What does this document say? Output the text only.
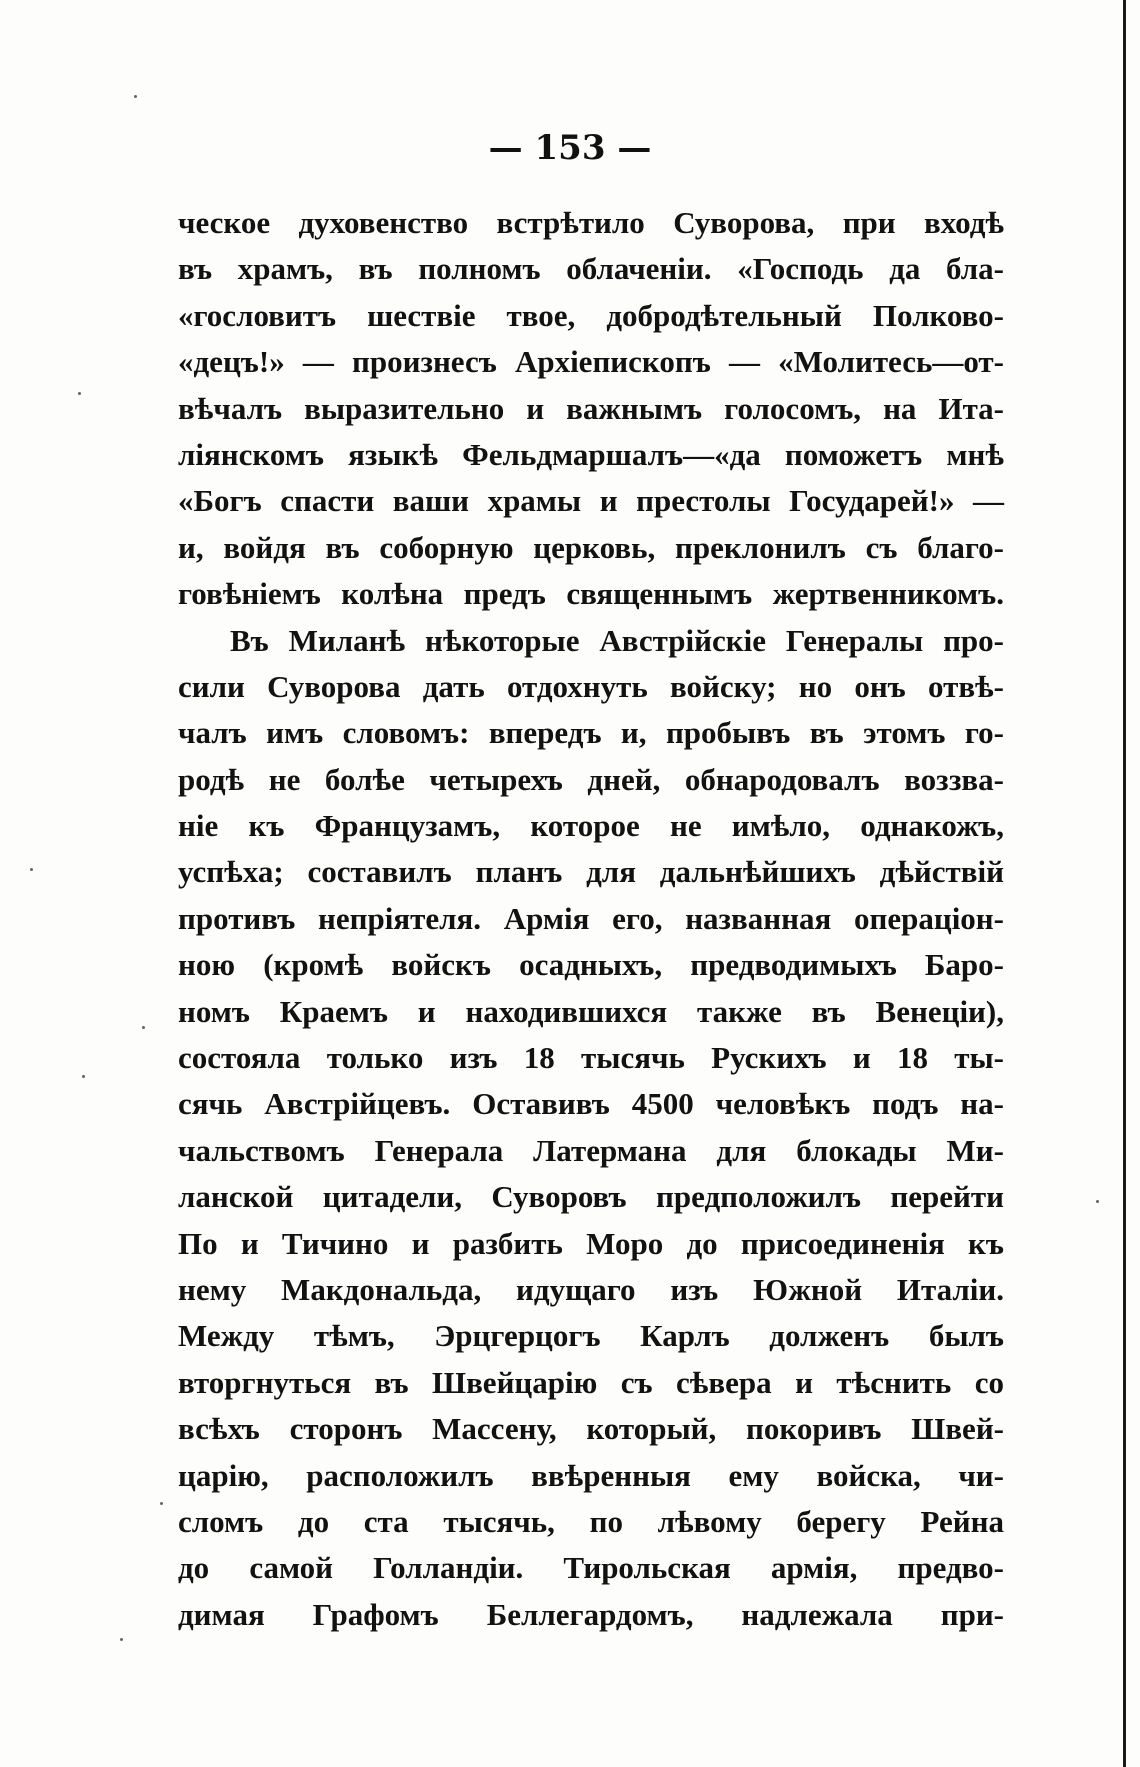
— 153 —
ческое духовенство встрѣтило Суворова, при входѣ
въ храмъ, въ полномъ облаченіи. «Господь да бла-
«гословитъ шествіе твое, добродѣтельный Полково-
«децъ!» — произнесъ Архіепископъ — «Молитесь—от-
вѣчалъ выразительно и важнымъ голосомъ, на Ита-
ліянскомъ языкѣ Фельдмаршалъ—«да поможетъ мнѣ
«Богъ спасти ваши храмы и престолы Государей!» —
и, войдя въ соборную церковь, преклонилъ съ благо-
говѣніемъ колѣна предъ священнымъ жертвенникомъ.
Въ Миланѣ нѣкоторые Австрійскіе Генералы про-
сили Суворова дать отдохнуть войску; но онъ отвѣ-
чалъ имъ словомъ: впередъ и, пробывъ въ этомъ го-
родѣ не болѣе четырехъ дней, обнародовалъ воззва-
ніе къ Французамъ, которое не имѣло, однакожъ,
успѣха; составилъ планъ для дальнѣйшихъ дѣйствій
противъ непріятеля. Армія его, названная операціон-
ною (кромѣ войскъ осадныхъ, предводимыхъ Баро-
номъ Краемъ и находившихся также въ Венеціи),
состояла только изъ 18 тысячь Рускихъ и 18 ты-
сячь Австрійцевъ. Оставивъ 4500 человѣкъ подъ на-
чальствомъ Генерала Латермана для блокады Ми-
ланской цитадели, Суворовъ предположилъ перейти
По и Тичино и разбить Моро до присоединенія къ
нему Макдональда, идущаго изъ Южной Италіи.
Между тѣмъ, Эрцгерцогъ Карлъ долженъ былъ
вторгнуться въ Швейцарію съ сѣвера и тѣснить со
всѣхъ сторонъ Массену, который, покоривъ Швей-
царію, расположилъ ввѣренныя ему войска, чи-
сломъ до ста тысячь, по лѣвому берегу Рейна
до самой Голландіи. Тирольская армія, предво-
димая Графомъ Беллегардомъ, надлежала при-
